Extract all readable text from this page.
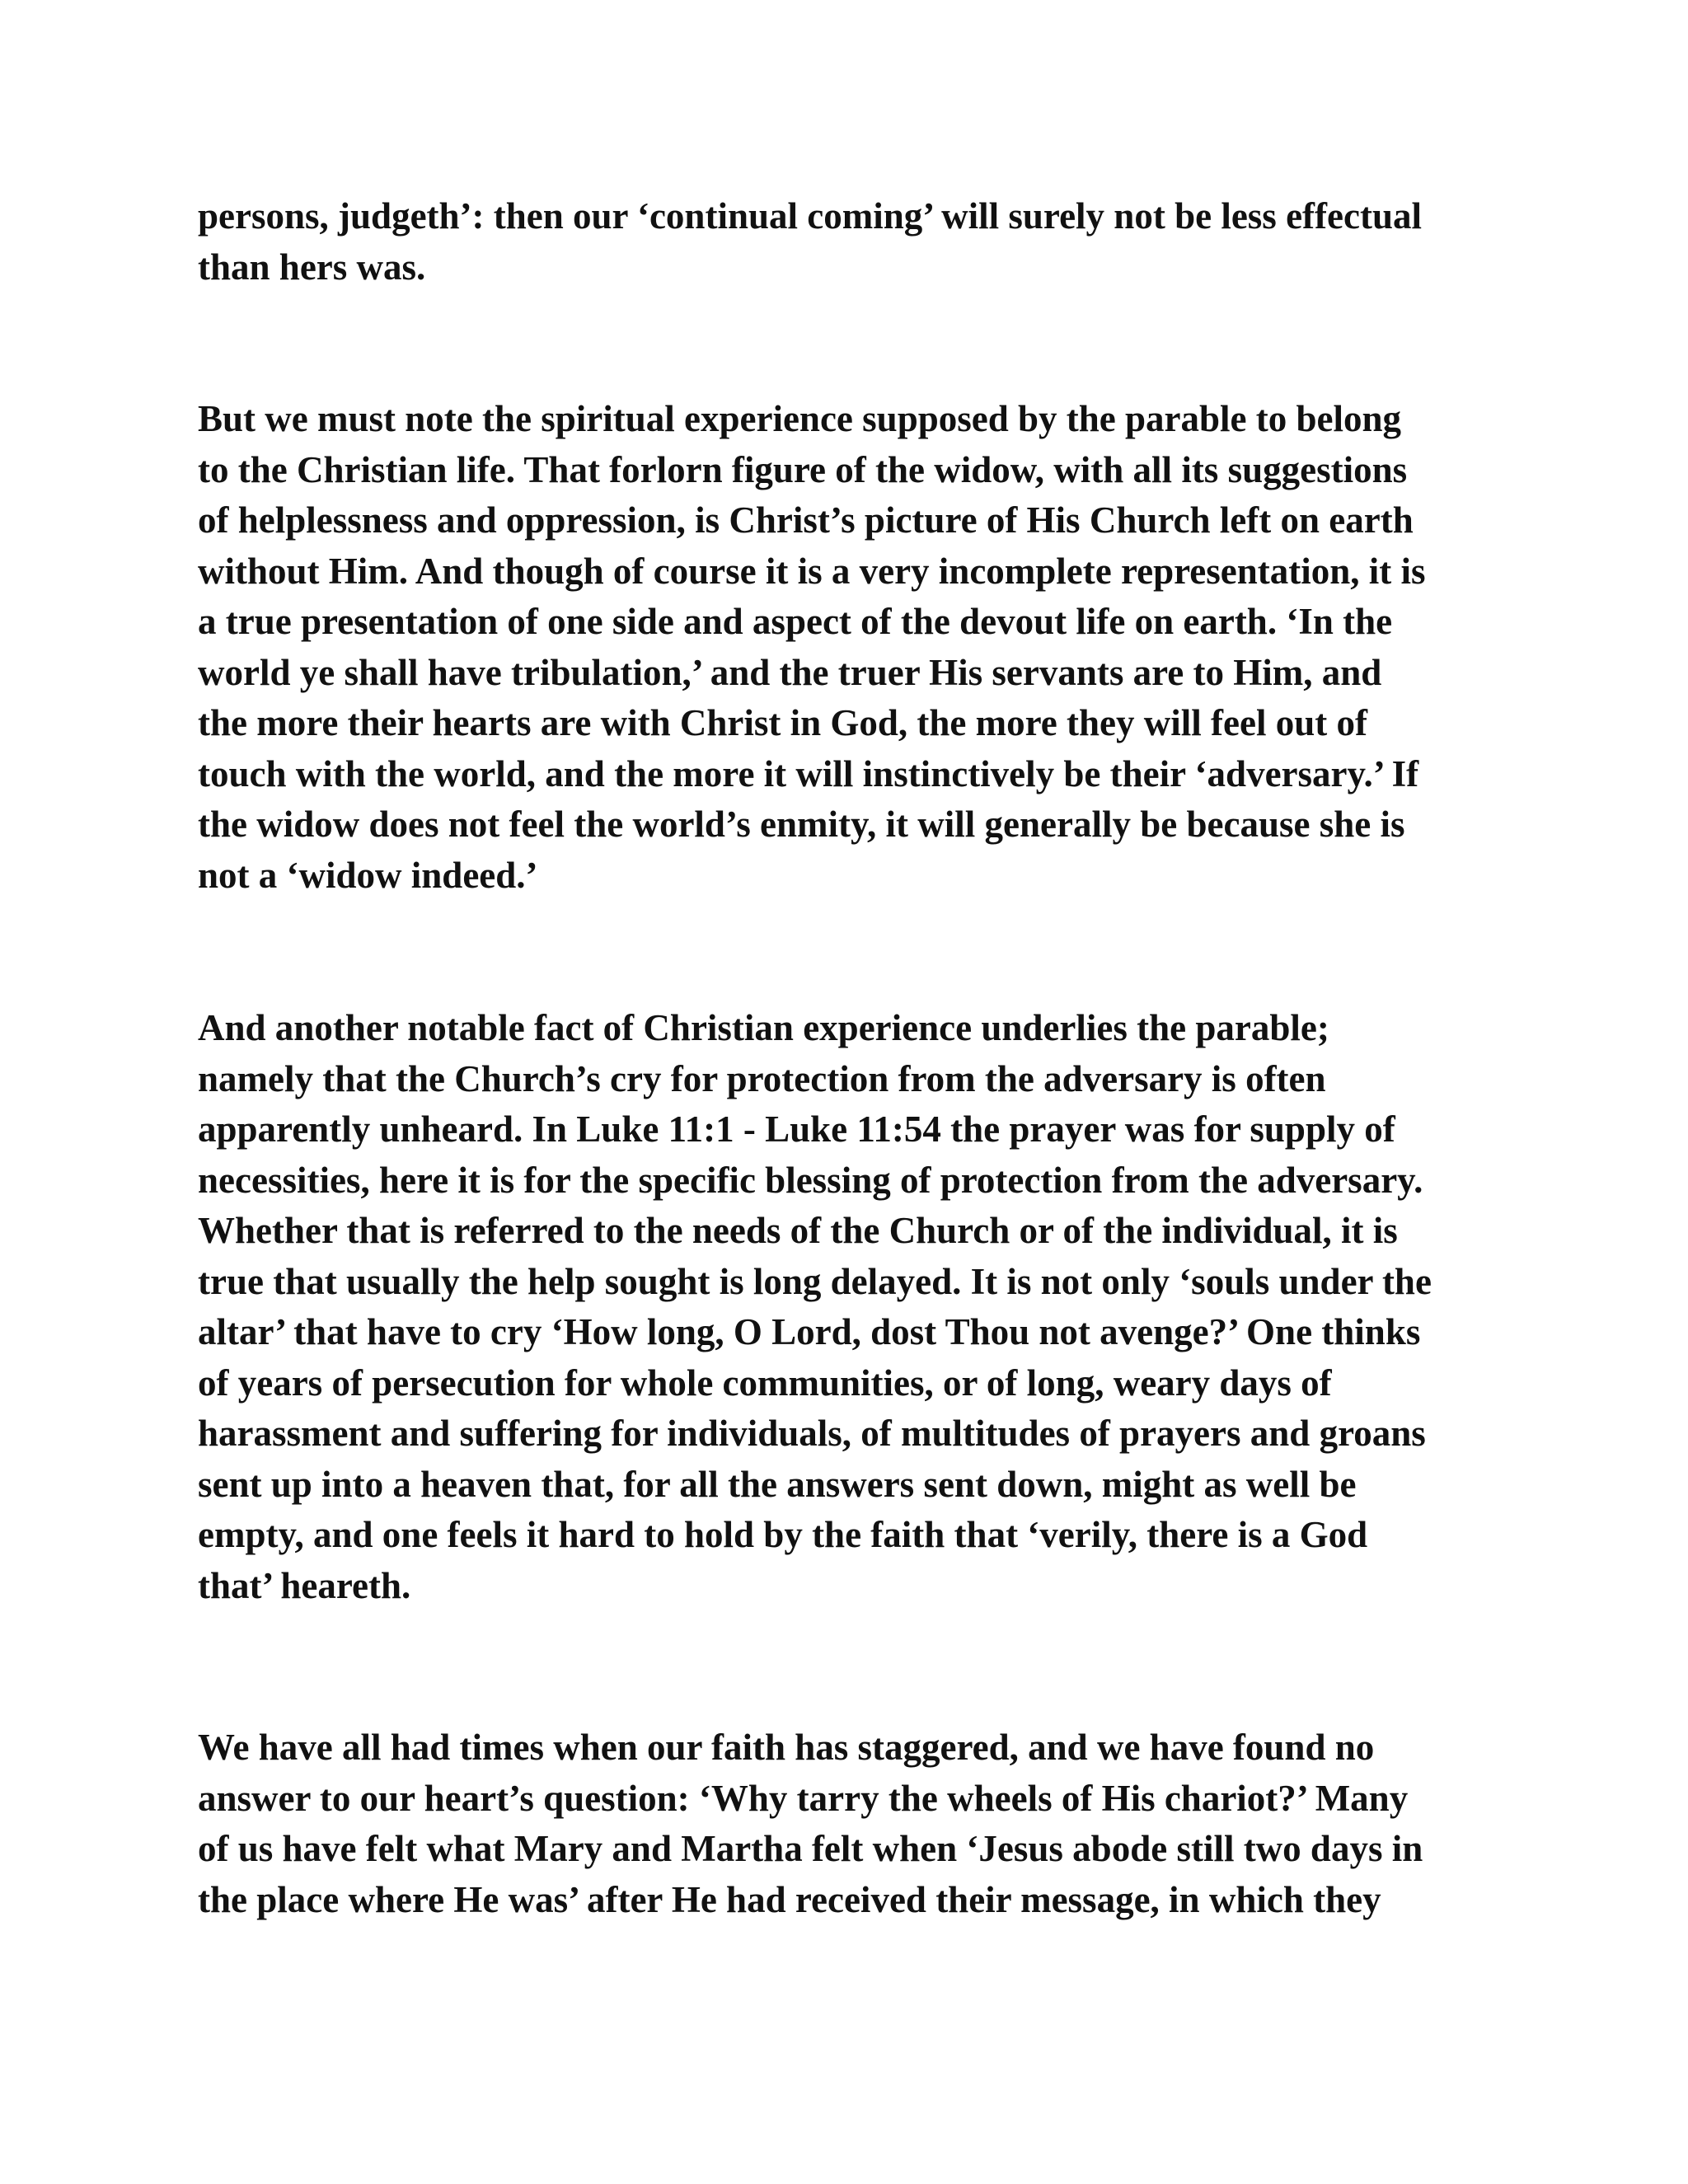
persons, judgeth’: then our ‘continual coming’ will surely not be less effectual
than hers was.
But we must note the spiritual experience supposed by the parable to belong
to the Christian life. That forlorn figure of the widow, with all its suggestions
of helplessness and oppression, is Christ’s picture of His Church left on earth
without Him. And though of course it is a very incomplete representation, it is
a true presentation of one side and aspect of the devout life on earth. ‘In the
world ye shall have tribulation,’ and the truer His servants are to Him, and
the more their hearts are with Christ in God, the more they will feel out of
touch with the world, and the more it will instinctively be their ‘adversary.’ If
the widow does not feel the world’s enmity, it will generally be because she is
not a ‘widow indeed.’
And another notable fact of Christian experience underlies the parable;
namely that the Church’s cry for protection from the adversary is often
apparently unheard. In Luke 11:1 - Luke 11:54 the prayer was for supply of
necessities, here it is for the specific blessing of protection from the adversary.
Whether that is referred to the needs of the Church or of the individual, it is
true that usually the help sought is long delayed. It is not only ‘souls under the
altar’ that have to cry ‘How long, O Lord, dost Thou not avenge?’ One thinks
of years of persecution for whole communities, or of long, weary days of
harassment and suffering for individuals, of multitudes of prayers and groans
sent up into a heaven that, for all the answers sent down, might as well be
empty, and one feels it hard to hold by the faith that ‘verily, there is a God
that’ heareth.
We have all had times when our faith has staggered, and we have found no
answer to our heart’s question: ‘Why tarry the wheels of His chariot?’ Many
of us have felt what Mary and Martha felt when ‘Jesus abode still two days in
the place where He was’ after He had received their message, in which they
